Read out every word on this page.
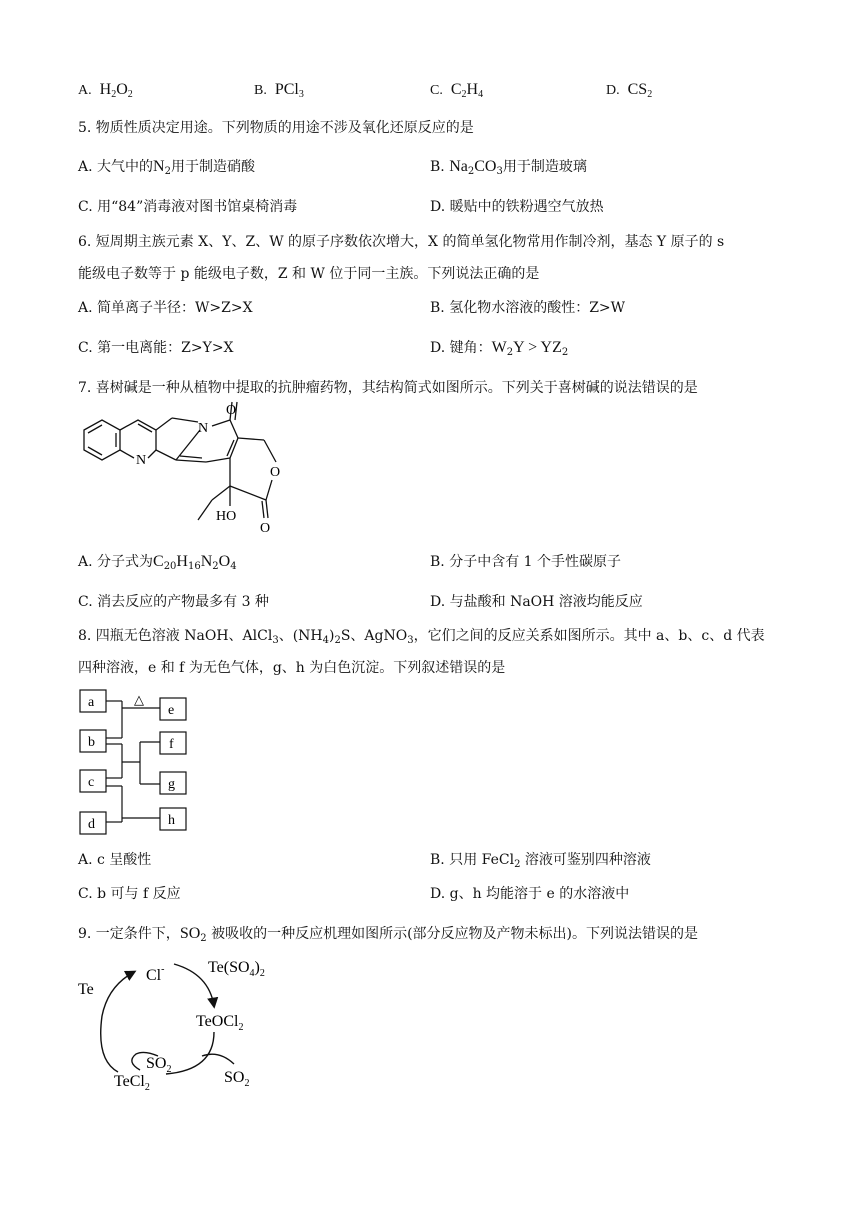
A. $H_2O_2$	B. PCl$_3$	C. $C_2H_4$	D. $CS_2$
5. 物质性质决定用途。下列物质的用途不涉及氧化还原反应的是
A. 大气中的$N_2$用于制造硝酸	B. $Na_2CO_3$用于制造玻璃
C. 用“84”消毒液对图书馆桌椅消毒	D. 暖贴中的铁粉遇空气放热
6. 短周期主族元素 X、Y、Z、W 的原子序数依次增大，X 的简单氢化物常用作制冷剂，基态 Y 原子的 s
能级电子数等于 p 能级电子数，Z 和 W 位于同一主族。下列说法正确的是
A. 简单离子半径：W>Z>X	B. 氢化物水溶液的酸性：Z>W
C. 第一电离能：Z>Y>X	D. 键角：$W_2Y > YZ_2$
7. 喜树碱是一种从植物中提取的抗肿瘤药物，其结构简式如图所示。下列关于喜树碱的说法错误的是
O
N
N
O
HO
O
A. 分子式为$C_{20}H_{16}N_2O_4$	B. 分子中含有 1 个手性碳原子
C. 消去反应的产物最多有 3 种	D. 与盐酸和 NaOH 溶液均能反应
8. 四瓶无色溶液 NaOH、AlCl$_3$、$(NH_4)_2S$、AgNO$_3$，它们之间的反应关系如图所示。其中 a、b、c、d 代表
四种溶液，e 和 f 为无色气体，g、h 为白色沉淀。下列叙述错误的是
a
b
c
d
e
f
g
h
△
A. c 呈酸性	B. 只用 FeCl$_2$ 溶液可鉴别四种溶液
C. b 可与 f 反应	D. g、h 均能溶于 e 的水溶液中
9. 一定条件下，$SO_2$ 被吸收的一种反应机理如图所示(部分反应物及产物未标出)。下列说法错误的是
Cl-
Te
$Te(SO_4)_2$
TeOCl$_2$
$SO_2$
$SO_2$
TeCl$_2$
